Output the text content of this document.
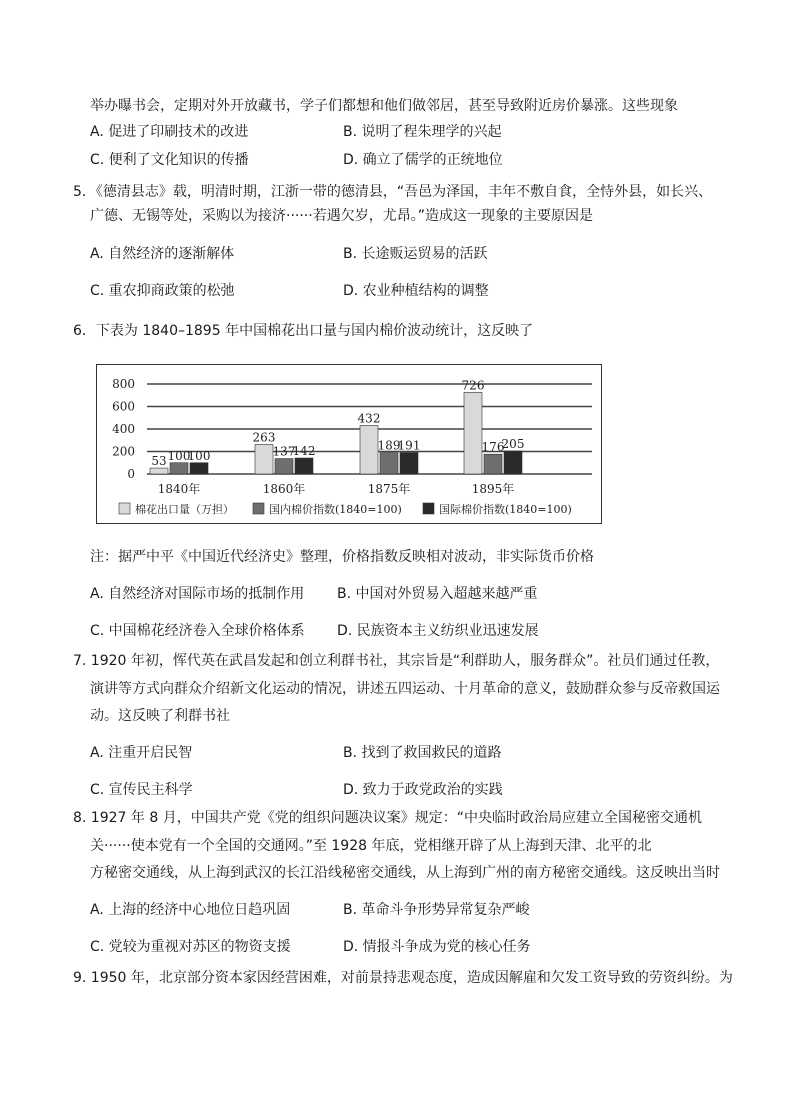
举办曝书会，定期对外开放藏书，学子们都想和他们做邻居，甚至导致附近房价暴涨。这些现象
A. 促进了印刷技术的改进	B. 说明了程朱理学的兴起
C. 便利了文化知识的传播	D. 确立了儒学的正统地位
5．《德清县志》载，明清时期，江浙一带的德清县，“吾邑为泽国，丰年不敷自食，全恃外县，如长兴、
广德、无锡等处，采购以为接济······若遇欠岁，尤昂。”造成这一现象的主要原因是
A. 自然经济的逐渐解体	B. 长途贩运贸易的活跃
C. 重农抑商政策的松弛	D. 农业种植结构的调整
6．下表为 1840–1895 年中国棉花出口量与国内棉价波动统计，这反映了
0
200
400
600
800
53 100
100
1840年
263
137
142
1860年
432
189
191
1875年
726
176
205
1895年
棉花出口量（万担）	国内棉价指数(1840=100)	国际棉价指数(1840=100)
注：据严中平《中国近代经济史》整理，价格指数反映相对波动，非实际货币价格
A. 自然经济对国际市场的抵制作用 B. 中国对外贸易入超越来越严重
C. 中国棉花经济卷入全球价格体系 D. 民族资本主义纺织业迅速发展
7. 1920 年初，恽代英在武昌发起和创立利群书社，其宗旨是“利群助人，服务群众”。社员们通过任教，
演讲等方式向群众介绍新文化运动的情况，讲述五四运动、十月革命的意义，鼓励群众参与反帝救国运
动。这反映了利群书社
A. 注重开启民智	B. 找到了救国救民的道路
C. 宣传民主科学	D. 致力于政党政治的实践
8. 1927 年 8 月，中国共产党《党的组织问题决议案》规定：“中央临时政治局应建立全国秘密交通机
关······使本党有一个全国的交通网。”至 1928 年底，党相继开辟了从上海到天津、北平的北
方秘密交通线，从上海到武汉的长江沿线秘密交通线，从上海到广州的南方秘密交通线。这反映出当时
A. 上海的经济中心地位日趋巩固	B. 革命斗争形势异常复杂严峻
C. 党较为重视对苏区的物资支援	D. 情报斗争成为党的核心任务
9. 1950 年，北京部分资本家因经营困难，对前景持悲观态度，造成因解雇和欠发工资导致的劳资纠纷。为
